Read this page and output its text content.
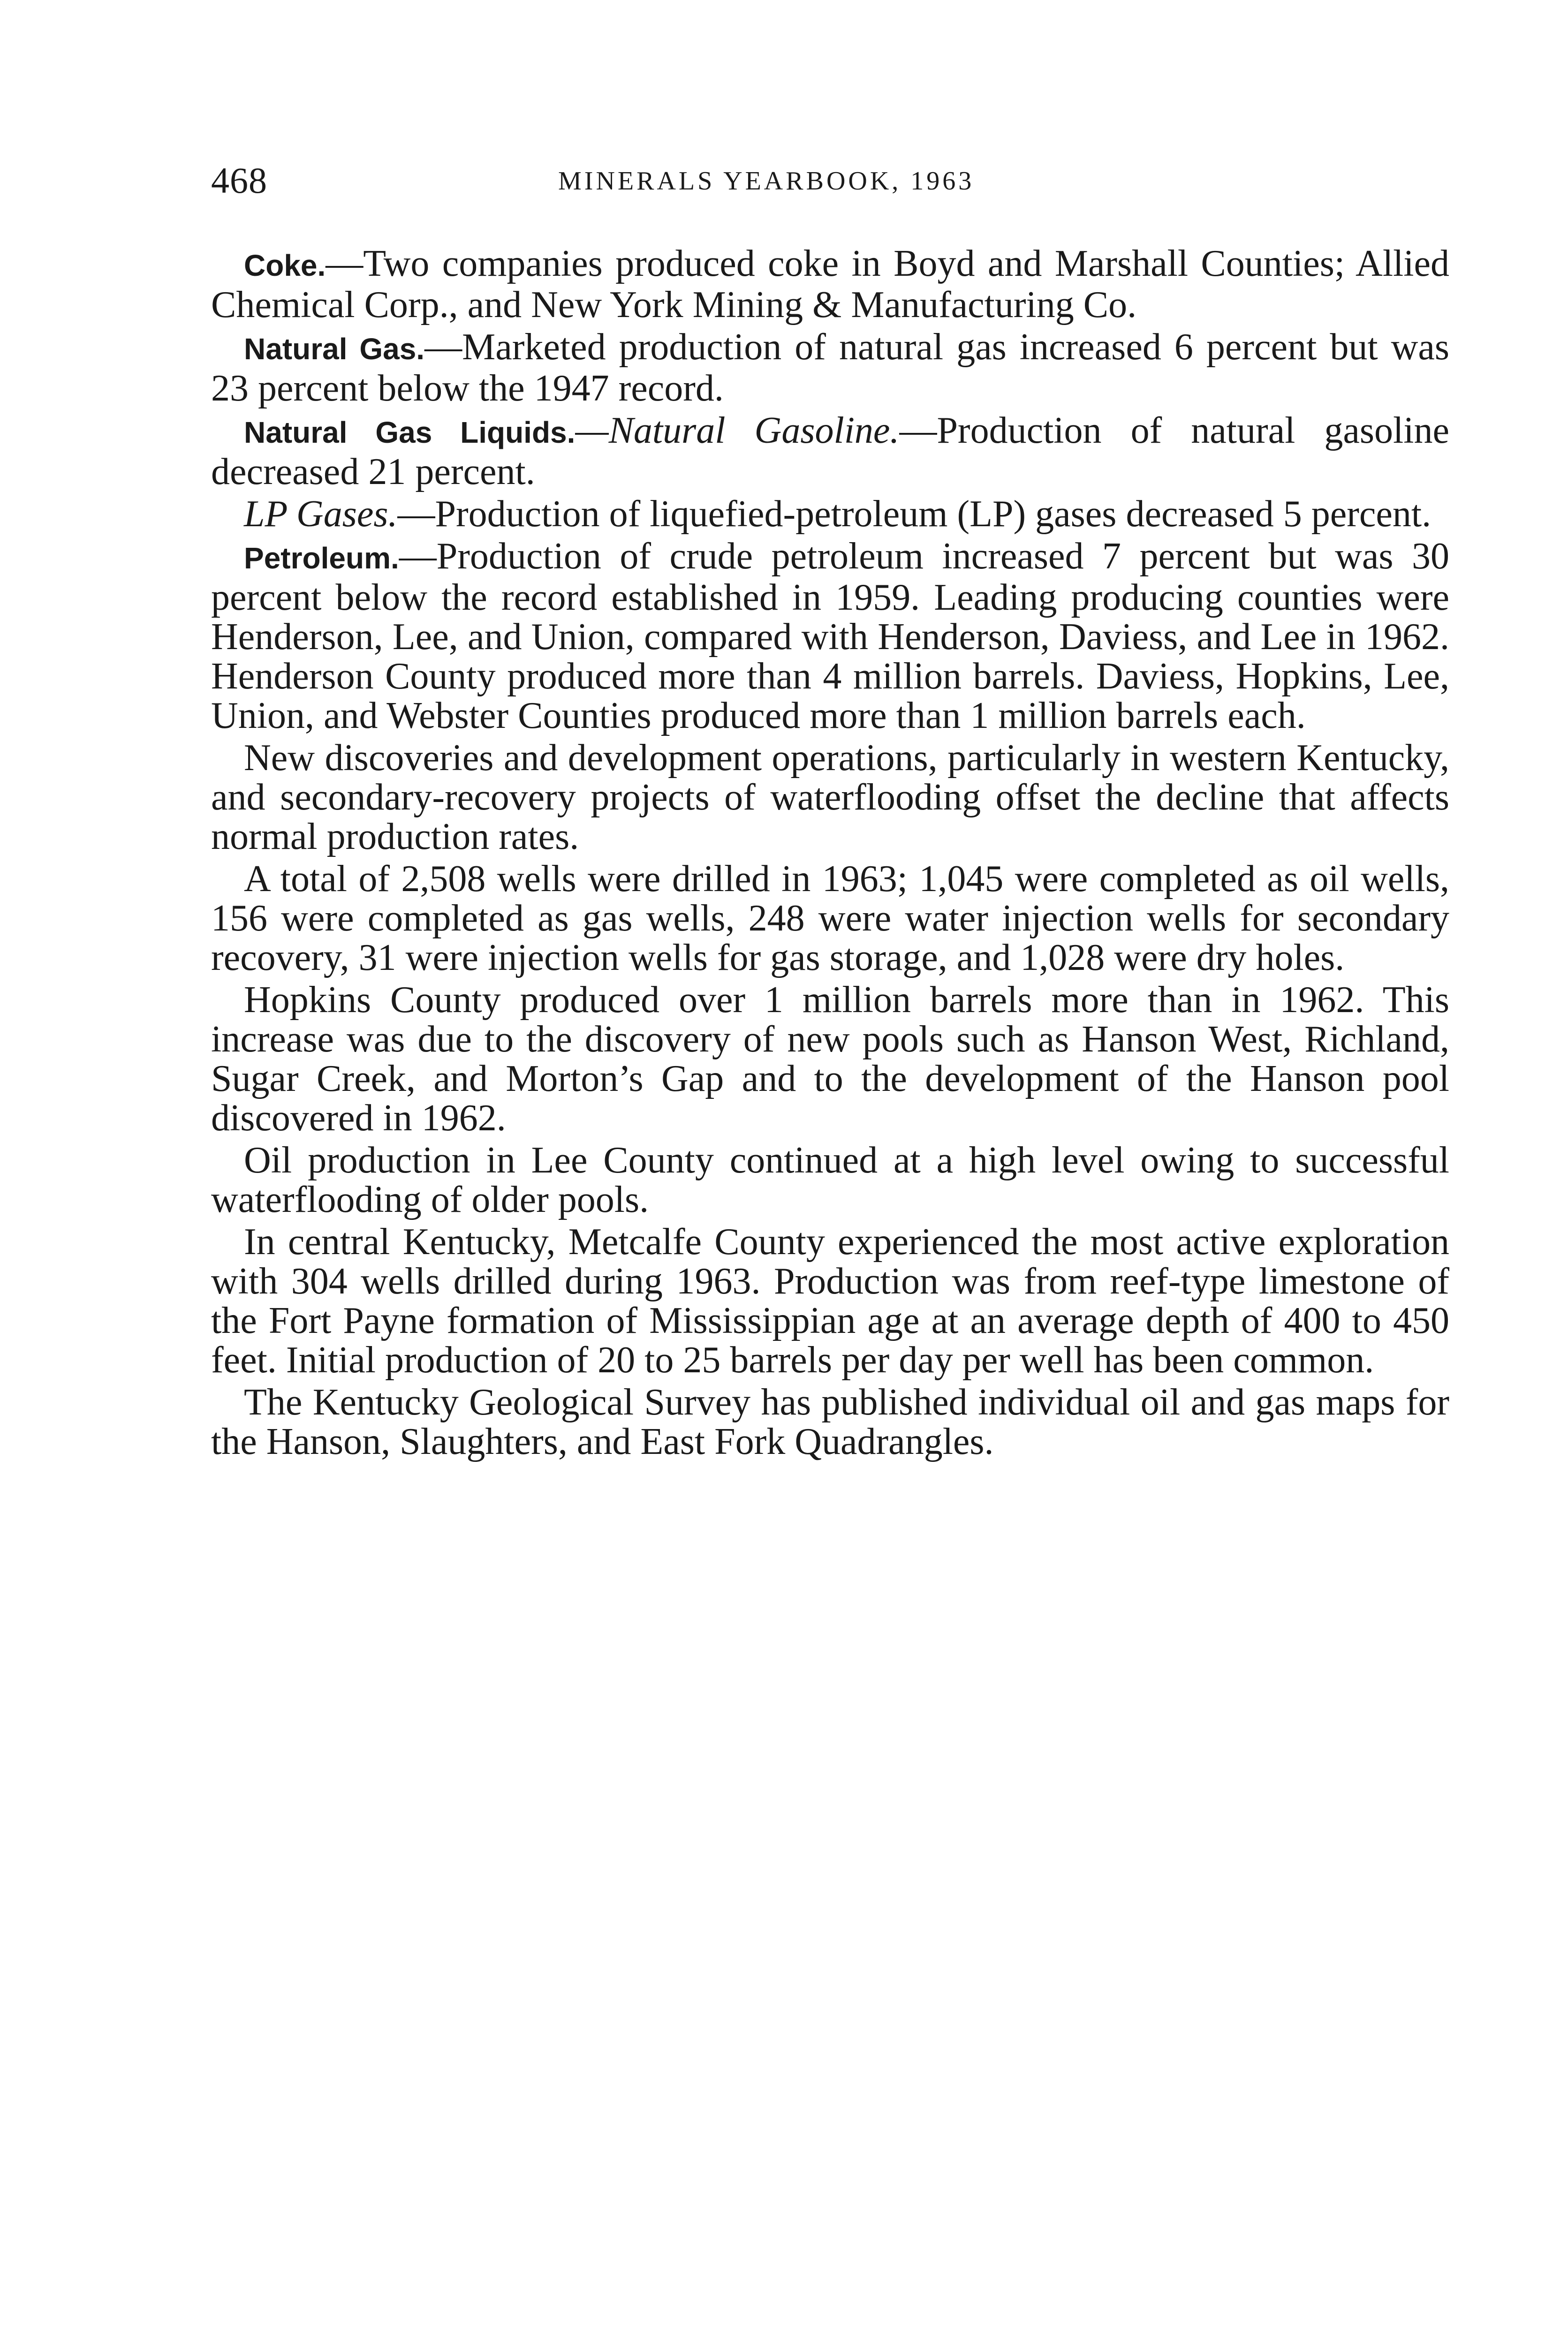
468	MINERALS YEARBOOK, 1963

Coke.—Two companies produced coke in Boyd and Marshall Counties; Allied Chemical Corp., and New York Mining & Manufacturing Co.

Natural Gas.—Marketed production of natural gas increased 6 percent but was 23 percent below the 1947 record.

Natural Gas Liquids.—Natural Gasoline.—Production of natural gasoline decreased 21 percent.

LP Gases.—Production of liquefied-petroleum (LP) gases decreased 5 percent.

Petroleum.—Production of crude petroleum increased 7 percent but was 30 percent below the record established in 1959. Leading producing counties were Henderson, Lee, and Union, compared with Henderson, Daviess, and Lee in 1962. Henderson County produced more than 4 million barrels. Daviess, Hopkins, Lee, Union, and Webster Counties produced more than 1 million barrels each.

New discoveries and development operations, particularly in western Kentucky, and secondary-recovery projects of waterflooding offset the decline that affects normal production rates.

A total of 2,508 wells were drilled in 1963; 1,045 were completed as oil wells, 156 were completed as gas wells, 248 were water injection wells for secondary recovery, 31 were injection wells for gas storage, and 1,028 were dry holes.

Hopkins County produced over 1 million barrels more than in 1962. This increase was due to the discovery of new pools such as Hanson West, Richland, Sugar Creek, and Morton’s Gap and to the development of the Hanson pool discovered in 1962.

Oil production in Lee County continued at a high level owing to successful waterflooding of older pools.

In central Kentucky, Metcalfe County experienced the most active exploration with 304 wells drilled during 1963. Production was from reef-type limestone of the Fort Payne formation of Mississippian age at an average depth of 400 to 450 feet. Initial production of 20 to 25 barrels per day per well has been common.

The Kentucky Geological Survey has published individual oil and gas maps for the Hanson, Slaughters, and East Fork Quadrangles.
